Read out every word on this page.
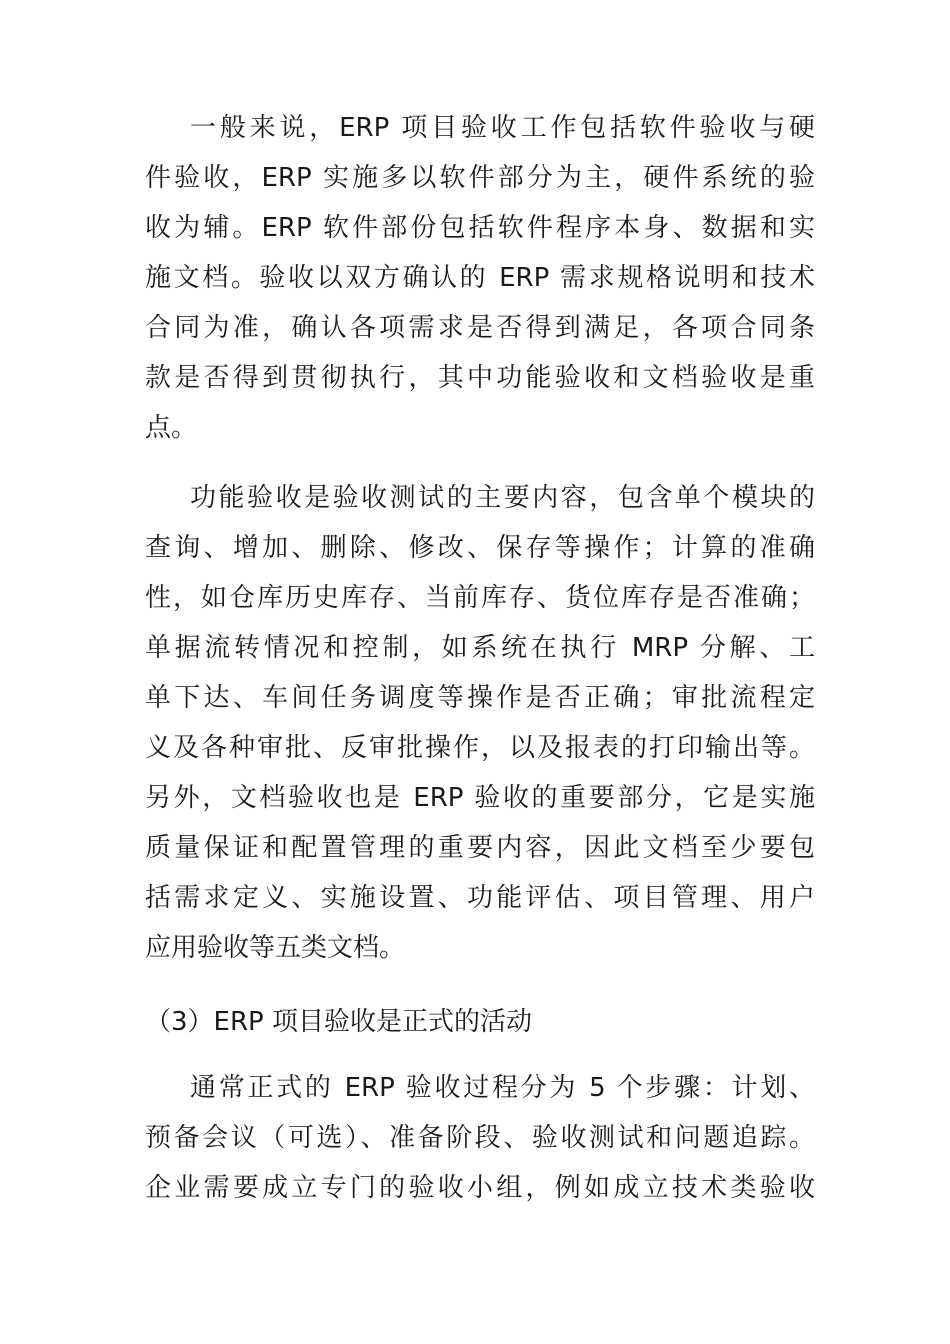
一般来说，ERP 项目验收工作包括软件验收与硬
件验收，ERP 实施多以软件部分为主，硬件系统的验
收为辅。ERP 软件部份包括软件程序本身、数据和实
施文档。验收以双方确认的 ERP 需求规格说明和技术
合同为准，确认各项需求是否得到满足，各项合同条
款是否得到贯彻执行，其中功能验收和文档验收是重
点。
功能验收是验收测试的主要内容，包含单个模块的
查询、增加、删除、修改、保存等操作；计算的准确
性，如仓库历史库存、当前库存、货位库存是否准确；
单据流转情况和控制，如系统在执行 MRP 分解、工
单下达、车间任务调度等操作是否正确；审批流程定
义及各种审批、反审批操作，以及报表的打印输出等。
另外，文档验收也是 ERP 验收的重要部分，它是实施
质量保证和配置管理的重要内容，因此文档至少要包
括需求定义、实施设置、功能评估、项目管理、用户
应用验收等五类文档。
（3）ERP 项目验收是正式的活动
通常正式的 ERP 验收过程分为 5 个步骤：计划、
预备会议（可选）、准备阶段、验收测试和问题追踪。
企业需要成立专门的验收小组，例如成立技术类验收
